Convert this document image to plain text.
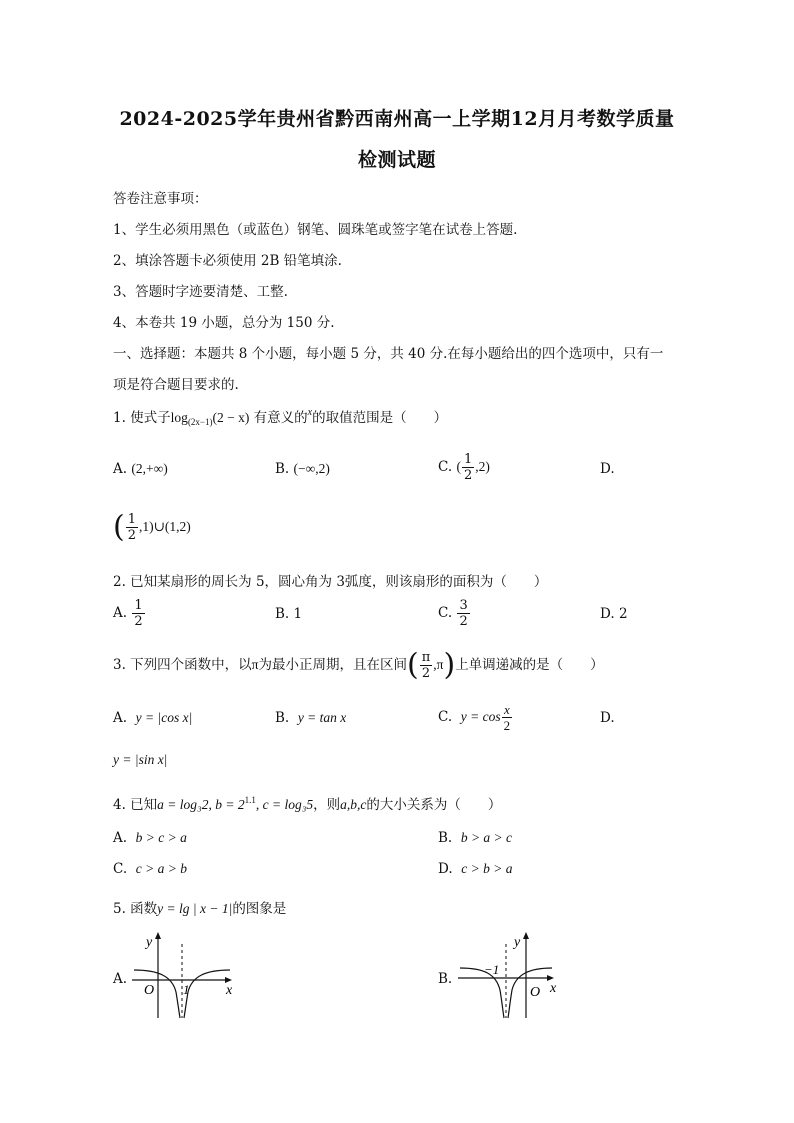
2024-2025学年贵州省黔西南州高一上学期12月月考数学质量
检测试题
答卷注意事项：
1、学生必须用黑色（或蓝色）钢笔、圆珠笔或签字笔在试卷上答题.
2、填涂答题卡必须使用 2B 铅笔填涂.
3、答题时字迹要清楚、工整.
4、本卷共 19 小题，总分为 150 分.
一、选择题：本题共 8 个小题，每小题 5 分，共 40 分.在每小题给出的四个选项中，只有一
项是符合题目要求的.
1. 使式子$\log_{(2x-1)}(2 - x)$ 有意义的$^x$的取值范围是（　　）
A. (2,+∞)	B. (−∞,2)	C. ( $\frac{1}{2} ,2$)	D.
( $\frac{1}{2}$ ,1)∪(1,2)
2. 已知某扇形的周长为 5，圆心角为 3弧度，则该扇形的面积为（　　）
A. $\frac{1}{2}$	B. 1	C. $\frac{3}{2}$	D. 2
3. 下列四个函数中，以π为最小正周期，且在区间( $\frac{\pi}{2} ,\pi$)上单调递减的是（　　）
A. y = |cos x|	B. y = tan x	C. $y = \cos \frac{x}{2}$	D.
y = |sin x|
4. 已知a = log₃2, $b = 2^{1.1}$, c = log₃5，则a,b,c的大小关系为（　　）
A. b > c > a	B. b > a > c
C. c > a > b	D. c > b > a
5. 函数y = lg | x − 1|的图象是
A.
y
O 1	x
B.
y
−1
O x
